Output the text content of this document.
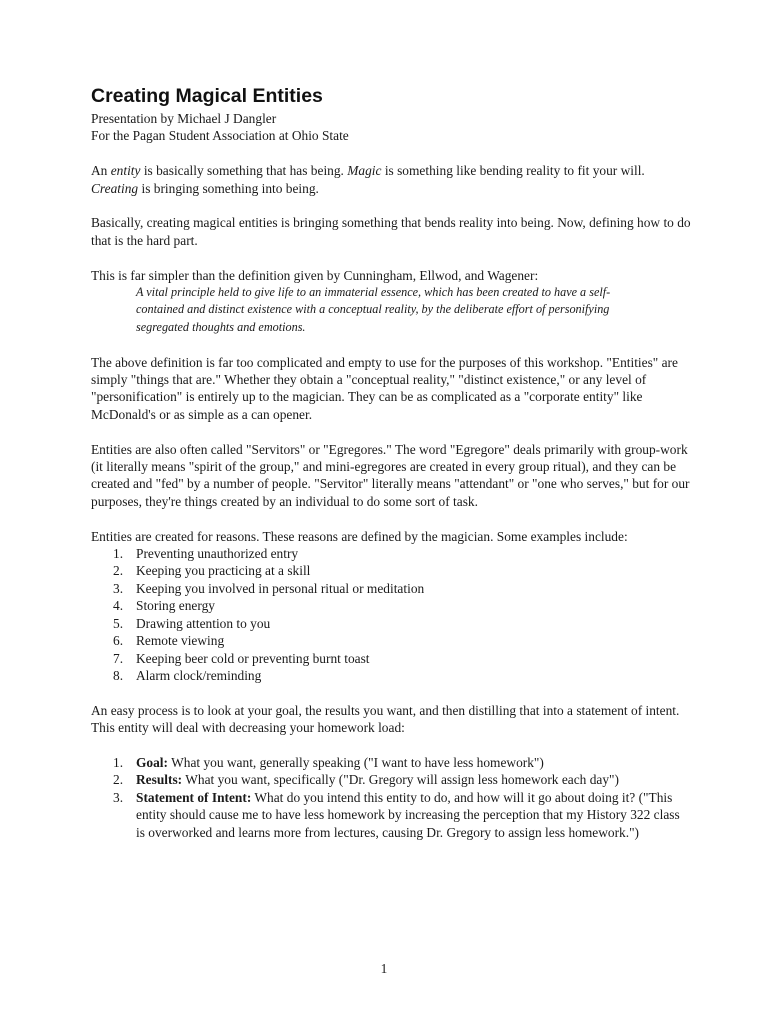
Creating Magical Entities

Presentation by Michael J Dangler

For the Pagan Student Association at Ohio State

An entity is basically something that has being. Magic is something like bending reality to fit your will. Creating is bringing something into being.

Basically, creating magical entities is bringing something that bends reality into being. Now, defining how to do that is the hard part.

This is far simpler than the definition given by Cunningham, Ellwod, and Wagener:

A vital principle held to give life to an immaterial essence, which has been created to have a self-contained and distinct existence with a conceptual reality, by the deliberate effort of personifying segregated thoughts and emotions.

The above definition is far too complicated and empty to use for the purposes of this workshop. "Entities" are simply "things that are." Whether they obtain a "conceptual reality," "distinct existence," or any level of "personification" is entirely up to the magician. They can be as complicated as a "corporate entity" like McDonald's or as simple as a can opener.

Entities are also often called "Servitors" or "Egregores." The word "Egregore" deals primarily with group-work (it literally means "spirit of the group," and mini-egregores are created in every group ritual), and they can be created and "fed" by a number of people. "Servitor" literally means "attendant" or "one who serves," but for our purposes, they're things created by an individual to do some sort of task.

Entities are created for reasons. These reasons are defined by the magician. Some examples include:

1. Preventing unauthorized entry
2. Keeping you practicing at a skill
3. Keeping you involved in personal ritual or meditation
4. Storing energy
5. Drawing attention to you
6. Remote viewing
7. Keeping beer cold or preventing burnt toast
8. Alarm clock/reminding

An easy process is to look at your goal, the results you want, and then distilling that into a statement of intent. This entity will deal with decreasing your homework load:

1. Goal: What you want, generally speaking ("I want to have less homework")
2. Results: What you want, specifically ("Dr. Gregory will assign less homework each day")
3. Statement of Intent: What do you intend this entity to do, and how will it go about doing it? ("This entity should cause me to have less homework by increasing the perception that my History 322 class is overworked and learns more from lectures, causing Dr. Gregory to assign less homework.")
1
